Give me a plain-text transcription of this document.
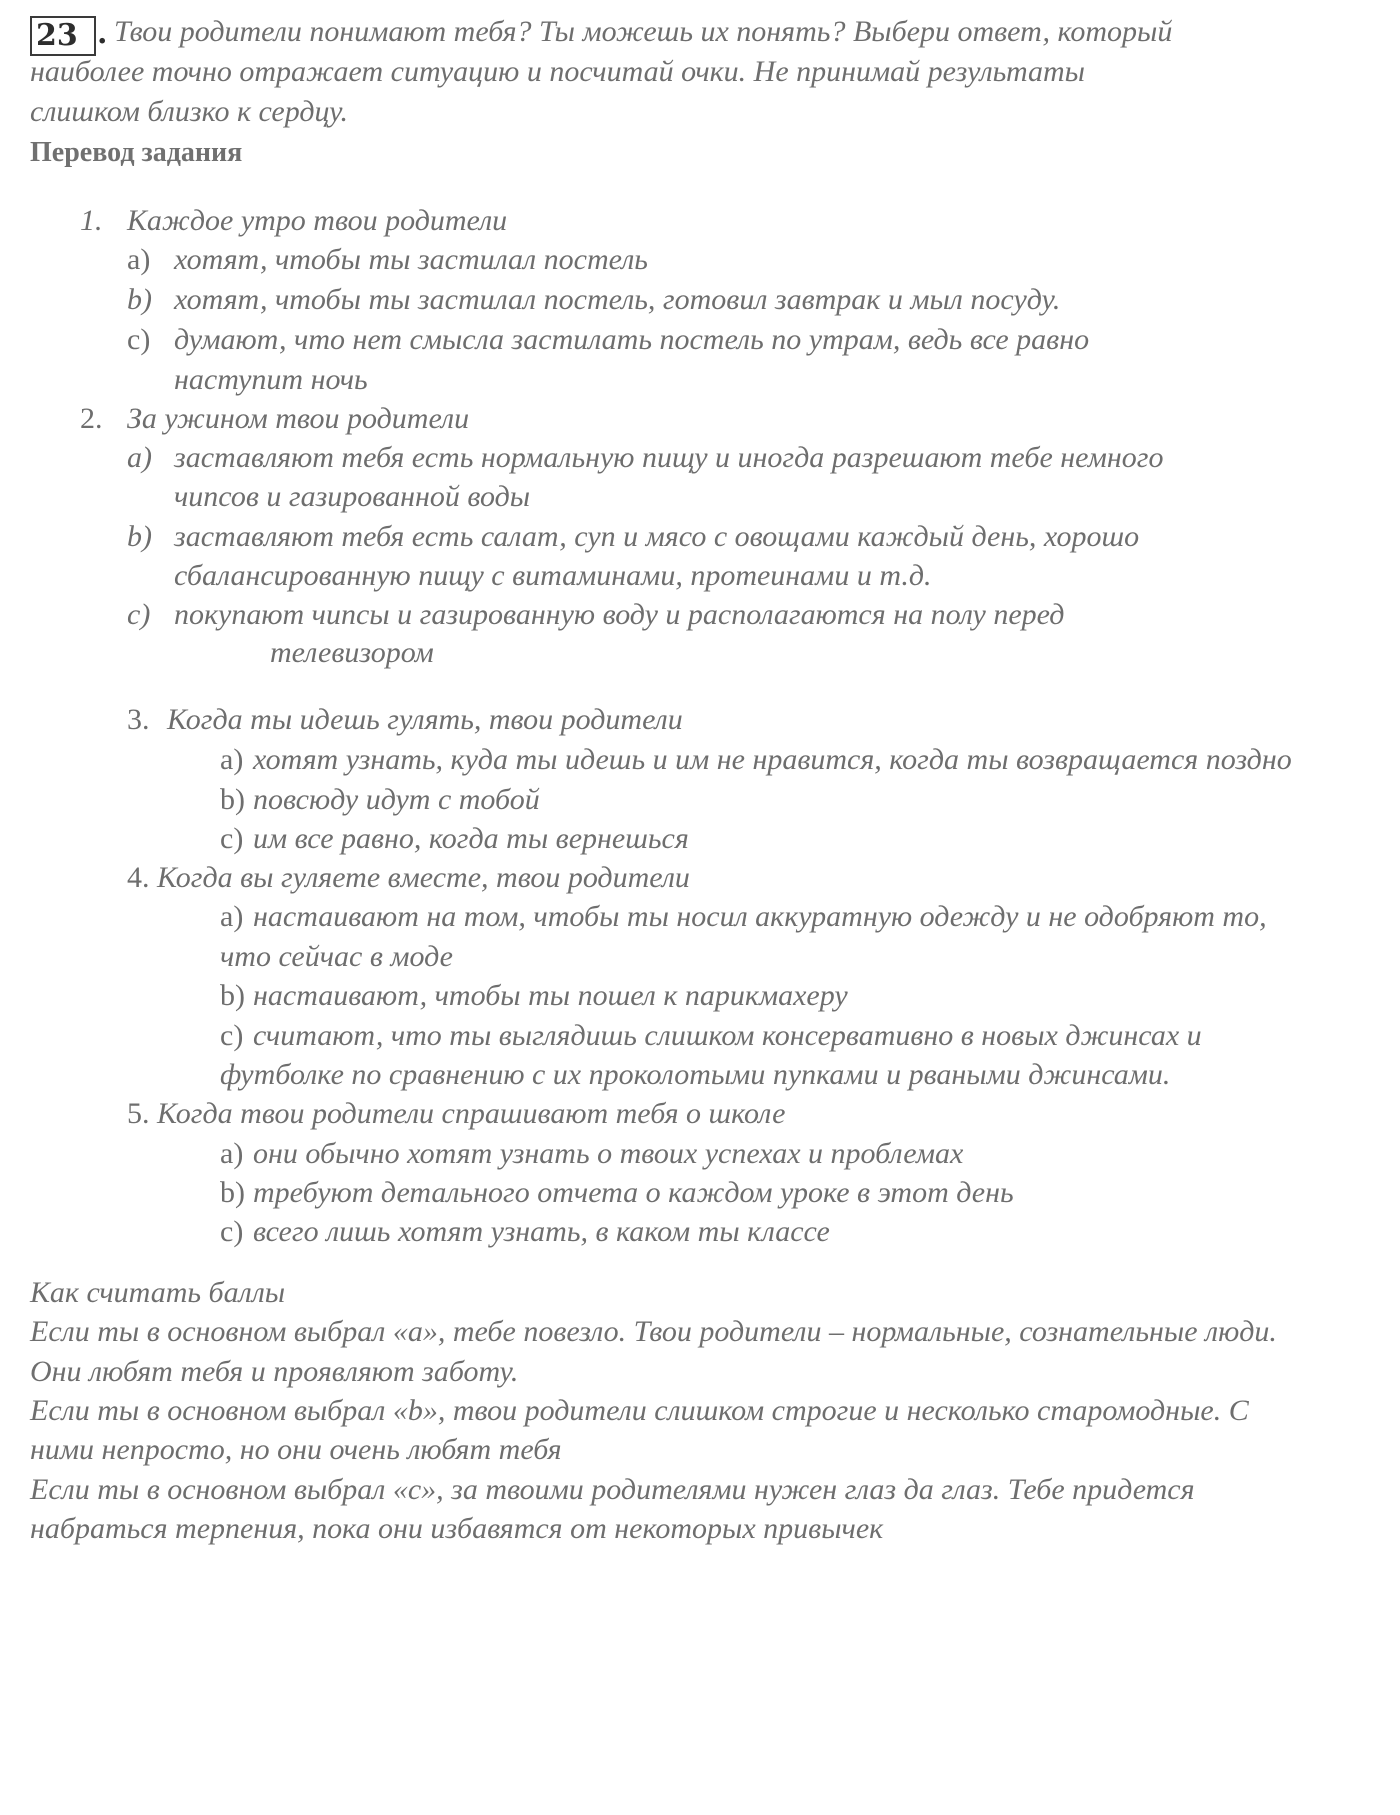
23 . Твои родители понимают тебя? Ты можешь их понять? Выбери ответ, который
наиболее точно отражает ситуацию и посчитай очки. Не принимай результаты
слишком близко к сердцу.
Перевод задания
1. Каждое утро твои родители
a) хотят, чтобы ты застилал постель
b) хотят, чтобы ты застилал постель, готовил завтрак и мыл посуду.
c) думают, что нет смысла застилать постель по утрам, ведь все равно
наступит ночь
2. За ужином твои родители
a) заставляют тебя есть нормальную пищу и иногда разрешают тебе немного
чипсов и газированной воды
b) заставляют тебя есть салат, суп и мясо с овощами каждый день, хорошо
сбалансированную пищу с витаминами, протеинами и т.д.
c) покупают чипсы и газированную воду и располагаются на полу перед
телевизором
3. Когда ты идешь гулять, твои родители
a) хотят узнать, куда ты идешь и им не нравится, когда ты возвращается поздно
b) повсюду идут с тобой
c) им все равно, когда ты вернешься
4. Когда вы гуляете вместе, твои родители
a) настаивают на том, чтобы ты носил аккуратную одежду и не одобряют то,
что сейчас в моде
b) настаивают, чтобы ты пошел к парикмахеру
c) считают, что ты выглядишь слишком консервативно в новых джинсах и
футболке по сравнению с их проколотыми пупками и рваными джинсами.
5. Когда твои родители спрашивают тебя о школе
a) они обычно хотят узнать о твоих успехах и проблемах
b) требуют детального отчета о каждом уроке в этот день
c) всего лишь хотят узнать, в каком ты классе
Как считать баллы
Если ты в основном выбрал «а», тебе повезло. Твои родители – нормальные, сознательные люди.
Они любят тебя и проявляют заботу.
Если ты в основном выбрал «b», твои родители слишком строгие и несколько старомодные. С
ними непросто, но они очень любят тебя
Если ты в основном выбрал «c», за твоими родителями нужен глаз да глаз. Тебе придется
набраться терпения, пока они избавятся от некоторых привычек
